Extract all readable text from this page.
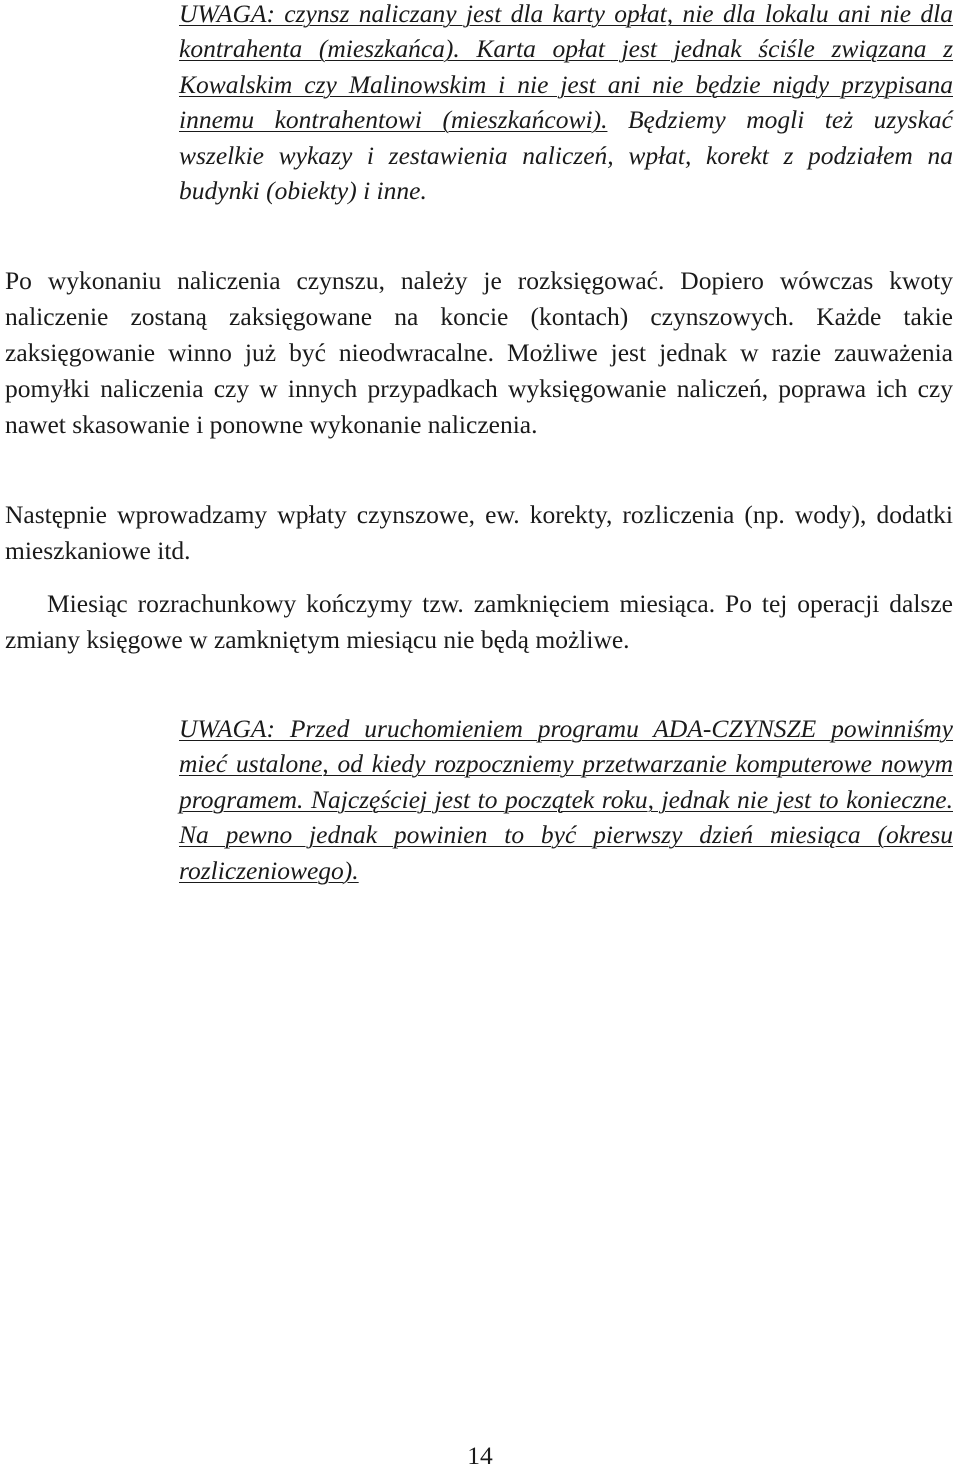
UWAGA: czynsz naliczany jest dla karty opłat, nie dla lokalu ani nie dla kontrahenta (mieszkańca). Karta opłat jest jednak ściśle związana z Kowalskim czy Malinowskim i nie jest ani nie będzie nigdy przypisana innemu kontrahentowi (mieszkańcowi). Będziemy mogli też uzyskać wszelkie wykazy i zestawienia naliczeń, wpłat, korekt z podziałem na budynki (obiekty) i inne.

Po wykonaniu naliczenia czynszu, należy je rozksięgować. Dopiero wówczas kwoty naliczenie zostaną zaksięgowane na koncie (kontach) czynszowych. Każde takie zaksięgowanie winno już być nieodwracalne. Możliwe jest jednak w razie zauważenia pomyłki naliczenia czy w innych przypadkach wyksięgowanie naliczeń, poprawa ich czy nawet skasowanie i ponowne wykonanie naliczenia.

Następnie wprowadzamy wpłaty czynszowe, ew. korekty, rozliczenia (np. wody), dodatki mieszkaniowe itd.

Miesiąc rozrachunkowy kończymy tzw. zamknięciem miesiąca. Po tej operacji dalsze zmiany księgowe w zamkniętym miesiącu nie będą możliwe.

UWAGA: Przed uruchomieniem programu ADA-CZYNSZE powinniśmy mieć ustalone, od kiedy rozpoczniemy przetwarzanie komputerowe nowym programem. Najczęściej jest to początek roku, jednak nie jest to konieczne. Na pewno jednak powinien to być pierwszy dzień miesiąca (okresu rozliczeniowego).

14
